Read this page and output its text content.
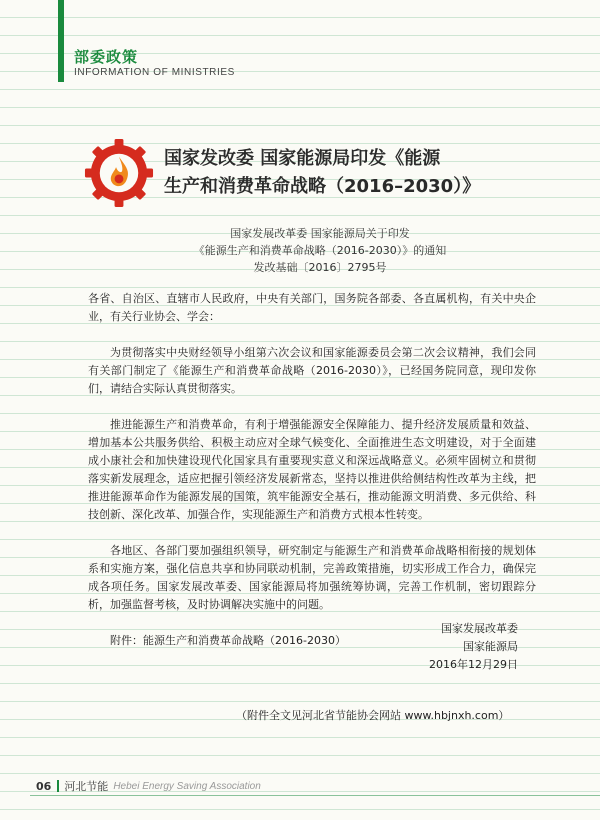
部委政策
INFORMATION OF MINISTRIES
国家发改委 国家能源局印发《能源
生产和消费革命战略（2016–2030）》
国家发展改革委 国家能源局关于印发
《能源生产和消费革命战略（2016-2030）》的通知
发改基础〔2016〕2795号

各省、自治区、直辖市人民政府，中央有关部门，国务院各部委、各直属机构，有关中央企业，有关行业协会、学会：

为贯彻落实中央财经领导小组第六次会议和国家能源委员会第二次会议精神，我们会同有关部门制定了《能源生产和消费革命战略（2016-2030）》，已经国务院同意，现印发你们，请结合实际认真贯彻落实。

推进能源生产和消费革命，有利于增强能源安全保障能力、提升经济发展质量和效益、增加基本公共服务供给、积极主动应对全球气候变化、全面推进生态文明建设，对于全面建成小康社会和加快建设现代化国家具有重要现实意义和深远战略意义。必须牢固树立和贯彻落实新发展理念，适应把握引领经济发展新常态，坚持以推进供给侧结构性改革为主线，把推进能源革命作为能源发展的国策，筑牢能源安全基石，推动能源文明消费、多元供给、科技创新、深化改革、加强合作，实现能源生产和消费方式根本性转变。

各地区、各部门要加强组织领导，研究制定与能源生产和消费革命战略相衔接的规划体系和实施方案，强化信息共享和协同联动机制，完善政策措施，切实形成工作合力，确保完成各项任务。国家发展改革委、国家能源局将加强统筹协调，完善工作机制，密切跟踪分析，加强监督考核，及时协调解决实施中的问题。

附件：能源生产和消费革命战略（2016-2030）

国家发展改革委
国家能源局
2016年12月29日
（附件全文见河北省节能协会网站 www.hbjnxh.com）
06 河北节能 Hebei Energy Saving Association
